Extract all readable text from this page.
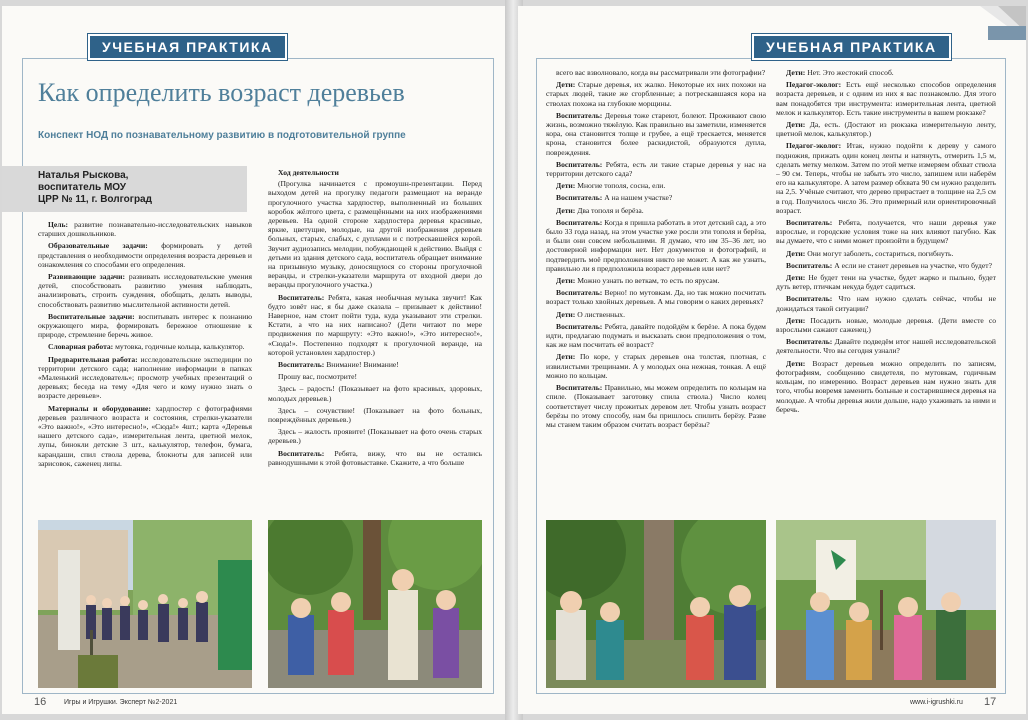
УЧЕБНАЯ ПРАКТИКА
Как определить возраст деревьев
Конспект НОД по познавательному развитию в подготовительной группе
Наталья Рыскова,
воспитатель МОУ
ЦРР № 11, г. Волгоград

Цель: развитие познавательно-исследовательских навыков старших дошкольников.

Образовательные задачи: формировать у детей представления о необходимости определения возраста деревьев и ознакомления со способами его определения.

Развивающие задачи: развивать исследовательские умения детей, способствовать развитию умения наблюдать, анализировать, строить суждения, обобщать, делать выводы, способствовать развитию мыслительной активности детей.

Воспитательные задачи: воспитывать интерес к познанию окружающего мира, формировать бережное отношение к природе, стремление беречь живое.

Словарная работа: мутовка, годичные кольца, калькулятор.

Предварительная работа: исследовательские экспедиции по территории детского сада; наполнение информации в папках «Маленький исследователь»; просмотр учебных презентаций о деревьях; беседа на тему «Для чего и кому нужно знать о возрасте деревьев».

Материалы и оборудование: хардпостер с фотографиями деревьев различного возраста и состояния, стрелки-указатели «Это важно!», «Это интересно!», «Сюда!» 4шт.; карта «Деревья нашего детского сада», измерительная лента, цветной мелок, лупы, бинокли детские 3 шт., калькулятор, телефон, бумага, карандаши, спил ствола дерева, блокноты для записей или зарисовок, саженец липы.

Ход деятельности

(Прогулка начинается с промоушн-презентации. Перед выходом детей на прогулку педагоги размещают на веранде прогулочного участка хардпостер, выполненный из больших коробок жёлтого цвета, с размещёнными на них изображениями деревьев. На одной стороне хардпостера деревья красивые, яркие, цветущие, молодые, на другой изображения деревьев больных, старых, слабых, с дуплами и с потрескавшейся корой. Звучит аудиозапись мелодии, побуждающей к действию. Выйдя с детьми из здания детского сада, воспитатель обращает внимание на призывную музыку, доносящуюся со стороны прогулочной веранды, и стрелки-указатели маршрута от входной двери до веранды прогулочного участка.)

Воспитатель: Ребята, какая необычная музыка звучит! Как будто зовёт нас, я бы даже сказала – призывает к действию! Наверное, нам стоит пойти туда, куда указывают эти стрелки. Кстати, а что на них написано? (Дети читают по мере продвижения по маршруту: «Это важно!», «Это интересно!», «Сюда!». Постепенно подходят к прогулочной веранде, на которой установлен хардпостер.)

Воспитатель: Внимание! Внимание!

Прошу вас, посмотрите!

Здесь – радость! (Показывает на фото красивых, здоровых, молодых деревьев.)

Здесь – сочувствие! (Показывает на фото больных, повреждённых деревьев.)

Здесь – жалость проявите! (Показывает на фото очень старых деревьев.)

Воспитатель: Ребята, вижу, что вы не остались равнодушными к этой фотовыставке. Скажите, а что больше

16	Игры и Игрушки. Эксперт №2-2021
УЧЕБНАЯ ПРАКТИКА

всего вас взволновало, когда вы рассматривали эти фотографии?

Дети: Старые деревья, их жалко. Некоторые их них похожи на старых людей, такие же сгорбленные; а потрескавшаяся кора на стволах похожа на глубокие морщины.

Воспитатель: Деревья тоже стареют, болеют. Проживают свою жизнь, возможно тяжёлую. Как правильно вы заметили, изменяется кора, она становится толще и грубее, а ещё трескается, меняется крона, становится более раскидистой, образуются дупла, повреждения.

Воспитатель: Ребята, есть ли такие старые деревья у нас на территории детского сада?

Дети: Многие тополя, сосна, ели.

Воспитатель: А на нашем участке?

Дети: Два тополя и берёза.

Воспитатель: Когда я пришла работать в этот детский сад, а это было 33 года назад, на этом участке уже росли эти тополя и берёза, и были они совсем небольшими. Я думаю, что им 35–36 лет, но достоверной информации нет. Нет документов и фотографий, и подтвердить моё предположения никто не может. А как же узнать, правильно ли я предположила возраст деревьев или нет?

Дети: Можно узнать по веткам, то есть по ярусам.

Воспитатель: Верно! по мутовкам. Да, но так можно посчитать возраст только хвойных деревьев. А мы говорим о каких деревьях?

Дети: О лиственных.

Воспитатель: Ребята, давайте подойдём к берёзе. А пока будем идти, предлагаю подумать и высказать свои предположения о том, как же нам посчитать её возраст?

Дети: По коре, у старых деревьев она толстая, плотная, с извилистыми трещинами. А у молодых она нежная, тонкая. А ещё можно по кольцам.

Воспитатель: Правильно, мы можем определить по кольцам на спиле. (Показывает заготовку спила ствола.) Число колец соответствует числу прожитых деревом лет. Чтобы узнать возраст берёзы по этому способу, нам бы пришлось спилить берёзу. Разве мы станем таким образом считать возраст берёзы?

Дети: Нет. Это жестокий способ.

Педагог-эколог: Есть ещё несколько способов определения возраста деревьев, и с одним из них я вас познакомлю. Для этого вам понадобятся три инструмента: измерительная лента, цветной мелок и калькулятор. Есть такие инструменты в вашем рюкзаке?

Дети: Да, есть. (Достают из рюкзака измерительную ленту, цветной мелок, калькулятор.)

Педагог-эколог: Итак, нужно подойти к дереву у самого подножия, прижать один конец ленты и натянуть, отмерить 1,5 м, сделать метку мелком. Затем по этой метке измеряем обхват ствола – 90 см. Теперь, чтобы не забыть это число, запишем или наберём его на калькуляторе. А затем размер обхвата 90 см нужно разделить на 2,5. Учёные считают, что дерево прирастает в толщине на 2,5 см в год. Получилось число 36. Это примерный или ориентировочный возраст.

Воспитатель: Ребята, получается, что наши деревья уже взрослые, и городские условия тоже на них влияют пагубно. Как вы думаете, что с ними может произойти в будущем?

Дети: Они могут заболеть, состариться, погибнуть.

Воспитатель: А если не станет деревьев на участке, что будет?

Дети: Не будет тени на участке, будет жарко и пыльно, будет дуть ветер, птичкам некуда будет садиться.

Воспитатель: Что нам нужно сделать сейчас, чтобы не дожидаться такой ситуации?

Дети: Посадить новые, молодые деревья. (Дети вместе со взрослыми сажают саженец.)

Воспитатель: Давайте подведём итог нашей исследовательской деятельности. Что вы сегодня узнали?

Дети: Возраст деревьев можно определить по записям, фотографиям, сообщению свидетеля, по мутовкам, годичным кольцам, по измерению. Возраст деревьев нам нужно знать для того, чтобы вовремя заменить больные и состарившиеся деревья на молодые. А чтобы деревья жили дольше, надо ухаживать за ними и беречь.

www.i-igrushki.ru 17
